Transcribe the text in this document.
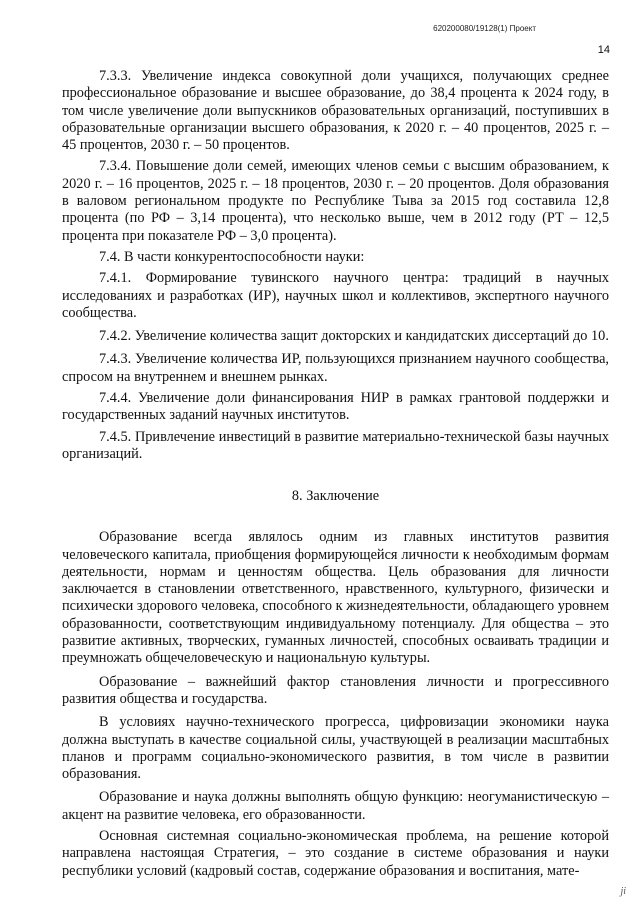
620200080/19128(1) Проект
14

7.3.3. Увеличение индекса совокупной доли учащихся, получающих среднее профессиональное образование и высшее образование, до 38,4 процента к 2024 году, в том числе увеличение доли выпускников образовательных организаций, поступивших в образовательные организации высшего образования, к 2020 г. – 40 процентов, 2025 г. – 45 процентов, 2030 г. – 50 процентов.

7.3.4. Повышение доли семей, имеющих членов семьи с высшим образованием, к 2020 г. – 16 процентов, 2025 г. – 18 процентов, 2030 г. – 20 процентов. Доля образования в валовом региональном продукте по Республике Тыва за 2015 год составила 12,8 процента (по РФ – 3,14 процента), что несколько выше, чем в 2012 году (РТ – 12,5 процента при показателе РФ – 3,0 процента).

7.4. В части конкурентоспособности науки:

7.4.1. Формирование тувинского научного центра: традиций в научных исследованиях и разработках (ИР), научных школ и коллективов, экспертного научного сообщества.

7.4.2. Увеличение количества защит докторских и кандидатских диссертаций до 10.

7.4.3. Увеличение количества ИР, пользующихся признанием научного сообщества, спросом на внутреннем и внешнем рынках.

7.4.4. Увеличение доли финансирования НИР в рамках грантовой поддержки и государственных заданий научных институтов.

7.4.5. Привлечение инвестиций в развитие материально-технической базы научных организаций.

8. Заключение

Образование всегда являлось одним из главных институтов развития человеческого капитала, приобщения формирующейся личности к необходимым формам деятельности, нормам и ценностям общества. Цель образования для личности заключается в становлении ответственного, нравственного, культурного, физически и психически здорового человека, способного к жизнедеятельности, обладающего уровнем образованности, соответствующим индивидуальному потенциалу. Для общества – это развитие активных, творческих, гуманных личностей, способных осваивать традиции и преумножать общечеловеческую и национальную культуры.

Образование – важнейший фактор становления личности и прогрессивного развития общества и государства.

В условиях научно-технического прогресса, цифровизации экономики наука должна выступать в качестве социальной силы, участвующей в реализации масштабных планов и программ социально-экономического развития, в том числе в развитии образования.

Образование и наука должны выполнять общую функцию: неогуманистическую – акцент на развитие человека, его образованности.

Основная системная социально-экономическая проблема, на решение которой направлена настоящая Стратегия, – это создание в системе образования и науки республики условий (кадровый состав, содержание образования и воспитания, мате-

ji
